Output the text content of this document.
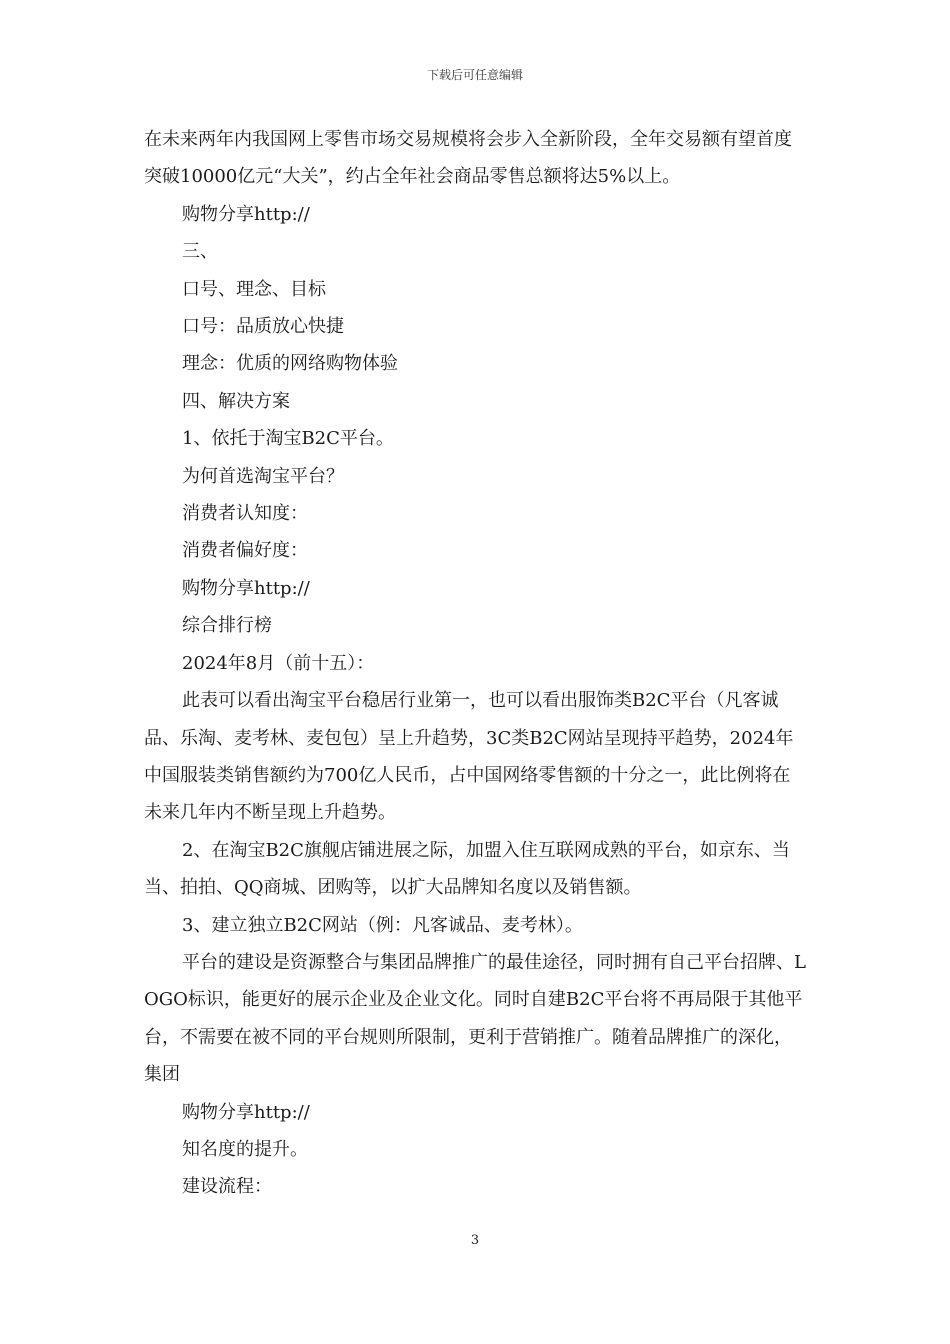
下载后可任意编辑

在未来两年内我国网上零售市场交易规模将会步入全新阶段，全年交易额有望首度突破10000亿元“大关”，约占全年社会商品零售总额将达5%以上。

购物分享http://

三、

口号、理念、目标

口号：品质放心快捷

理念：优质的网络购物体验

四、解决方案

1、依托于淘宝B2C平台。

为何首选淘宝平台？

消费者认知度：

消费者偏好度：

购物分享http://

综合排行榜

2024年8月（前十五）：

此表可以看出淘宝平台稳居行业第一，也可以看出服饰类B2C平台（凡客诚品、乐淘、麦考林、麦包包）呈上升趋势，3C类B2C网站呈现持平趋势，2024年中国服装类销售额约为700亿人民币，占中国网络零售额的十分之一，此比例将在未来几年内不断呈现上升趋势。

2、在淘宝B2C旗舰店铺进展之际，加盟入住互联网成熟的平台，如京东、当当、拍拍、QQ商城、团购等，以扩大品牌知名度以及销售额。

3、建立独立B2C网站（例：凡客诚品、麦考林）。

平台的建设是资源整合与集团品牌推广的最佳途径，同时拥有自己平台招牌、LOGO标识，能更好的展示企业及企业文化。同时自建B2C平台将不再局限于其他平台，不需要在被不同的平台规则所限制，更利于营销推广。随着品牌推广的深化，集团

购物分享http://

知名度的提升。

建设流程：

3
